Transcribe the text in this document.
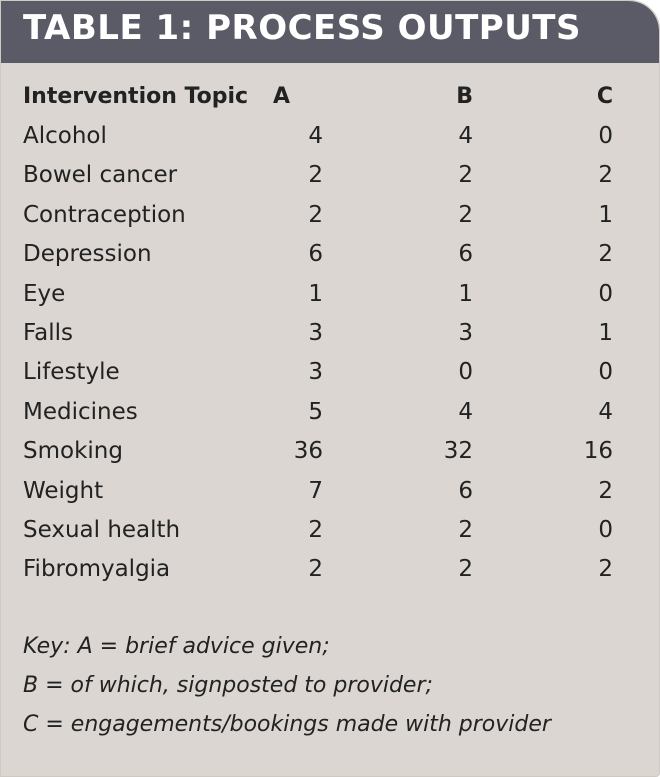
TABLE 1: PROCESS OUTPUTS
Intervention Topic	A	B	C
Alcohol	4	4	0
Bowel cancer	2	2	2
Contraception	2	2	1
Depression	6	6	2
Eye	1	1	0
Falls	3	3	1
Lifestyle	3	0	0
Medicines	5	4	4
Smoking	36	32	16
Weight	7	6	2
Sexual health	2	2	0
Fibromyalgia	2	2	2
Key: A = brief advice given;
B = of which, signposted to provider;
C = engagements/bookings made with provider
